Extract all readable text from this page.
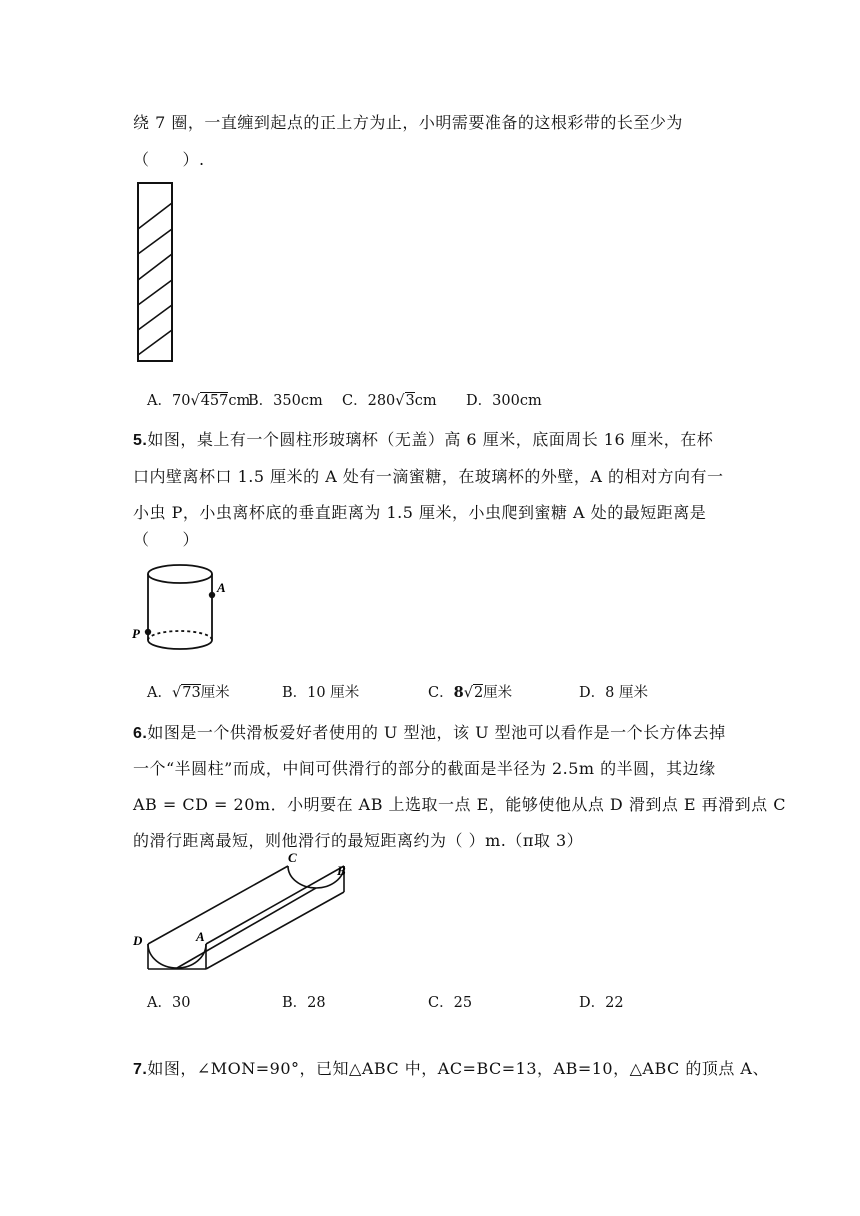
绕 7 圈，一直缠到起点的正上方为止，小明需要准备的这根彩带的长至少为
（　　）.
A．70√457cm
B．350cm C．280√3cm D．300cm
5.如图，桌上有一个圆柱形玻璃杯（无盖）高 6 厘米，底面周长 16 厘米，在杯
口内壁离杯口 1.5 厘米的 A 处有一滴蜜糖，在玻璃杯的外壁，A 的相对方向有一
小虫 P，小虫离杯底的垂直距离为 1.5 厘米，小虫爬到蜜糖 A 处的最短距离是
（　　）
A
P
A．√73厘米	B．10 厘米	C．8√2厘米	D．8 厘米
6.如图是一个供滑板爱好者使用的 U 型池，该 U 型池可以看作是一个长方体去掉
一个“半圆柱”而成，中间可供滑行的部分的截面是半径为 2.5m 的半圆，其边缘
AB = CD = 20m．小明要在 AB 上选取一点 E，能够使他从点 D 滑到点 E 再滑到点 C
的滑行距离最短，则他滑行的最短距离约为（ ）m.（π取 3）
C
B
D	A
A．30	B．28	C．25	D．22
7.如图，∠MON=90°，已知△ABC 中，AC=BC=13，AB=10，△ABC 的顶点 A、
